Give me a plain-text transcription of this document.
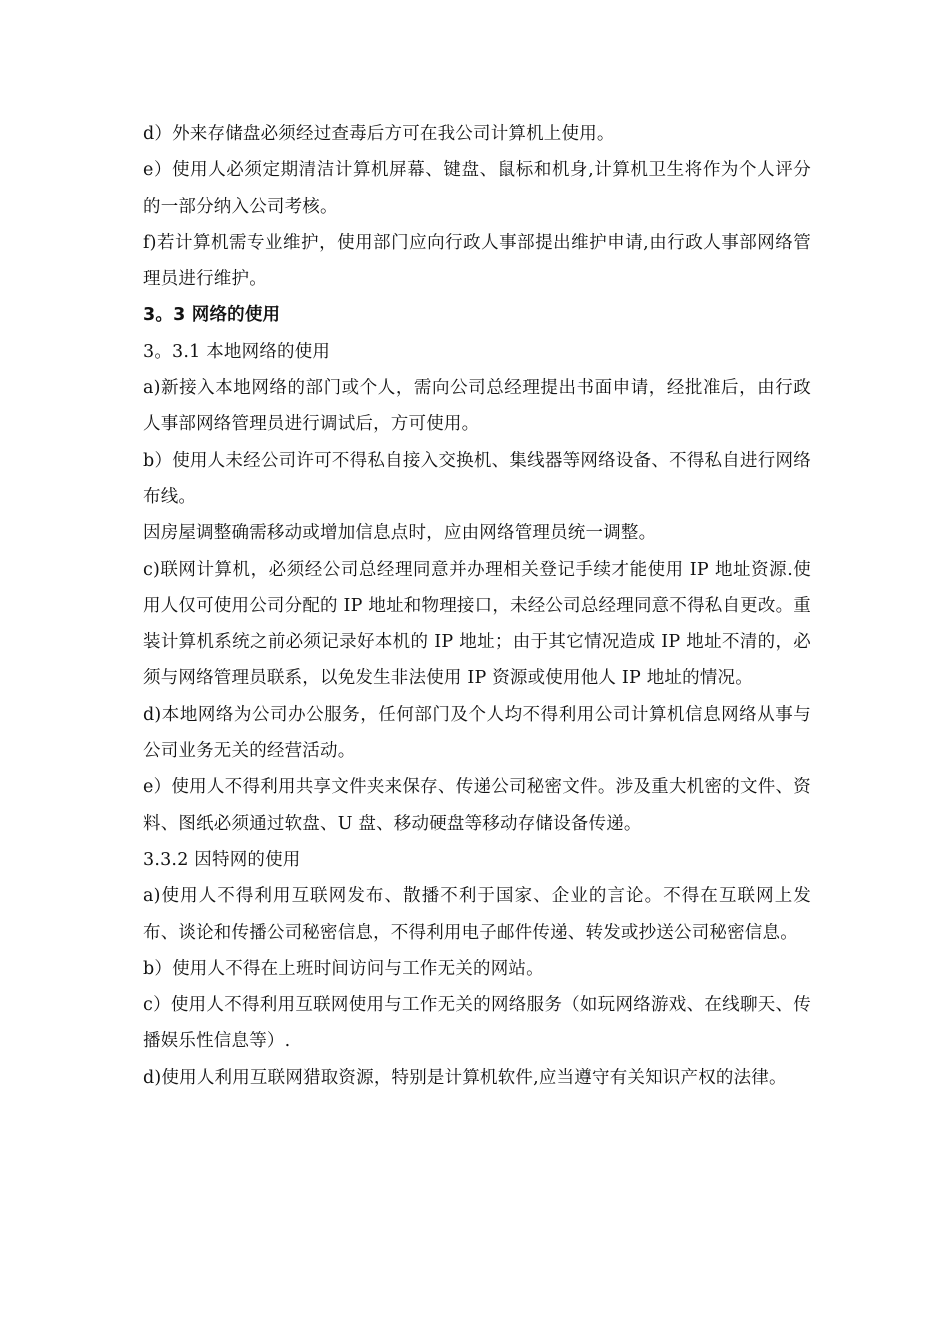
d）外来存储盘必须经过查毒后方可在我公司计算机上使用。

e）使用人必须定期清洁计算机屏幕、键盘、鼠标和机身,计算机卫生将作为个人评分的一部分纳入公司考核。

f)若计算机需专业维护，使用部门应向行政人事部提出维护申请,由行政人事部网络管理员进行维护。

3。3 网络的使用

3。3.1 本地网络的使用

a)新接入本地网络的部门或个人，需向公司总经理提出书面申请，经批准后，由行政人事部网络管理员进行调试后，方可使用。

b）使用人未经公司许可不得私自接入交换机、集线器等网络设备、不得私自进行网络布线。

因房屋调整确需移动或增加信息点时，应由网络管理员统一调整。

c)联网计算机，必须经公司总经理同意并办理相关登记手续才能使用 IP 地址资源.使用人仅可使用公司分配的 IP 地址和物理接口，未经公司总经理同意不得私自更改。重装计算机系统之前必须记录好本机的 IP 地址；由于其它情况造成 IP 地址不清的，必须与网络管理员联系，以免发生非法使用 IP 资源或使用他人 IP 地址的情况。

d)本地网络为公司办公服务，任何部门及个人均不得利用公司计算机信息网络从事与公司业务无关的经营活动。

e）使用人不得利用共享文件夹来保存、传递公司秘密文件。涉及重大机密的文件、资料、图纸必须通过软盘、U 盘、移动硬盘等移动存储设备传递。

3.3.2 因特网的使用

a)使用人不得利用互联网发布、散播不利于国家、企业的言论。不得在互联网上发布、谈论和传播公司秘密信息，不得利用电子邮件传递、转发或抄送公司秘密信息。

b）使用人不得在上班时间访问与工作无关的网站。

c）使用人不得利用互联网使用与工作无关的网络服务（如玩网络游戏、在线聊天、传播娱乐性信息等）.

d)使用人利用互联网猎取资源，特别是计算机软件,应当遵守有关知识产权的法律。
